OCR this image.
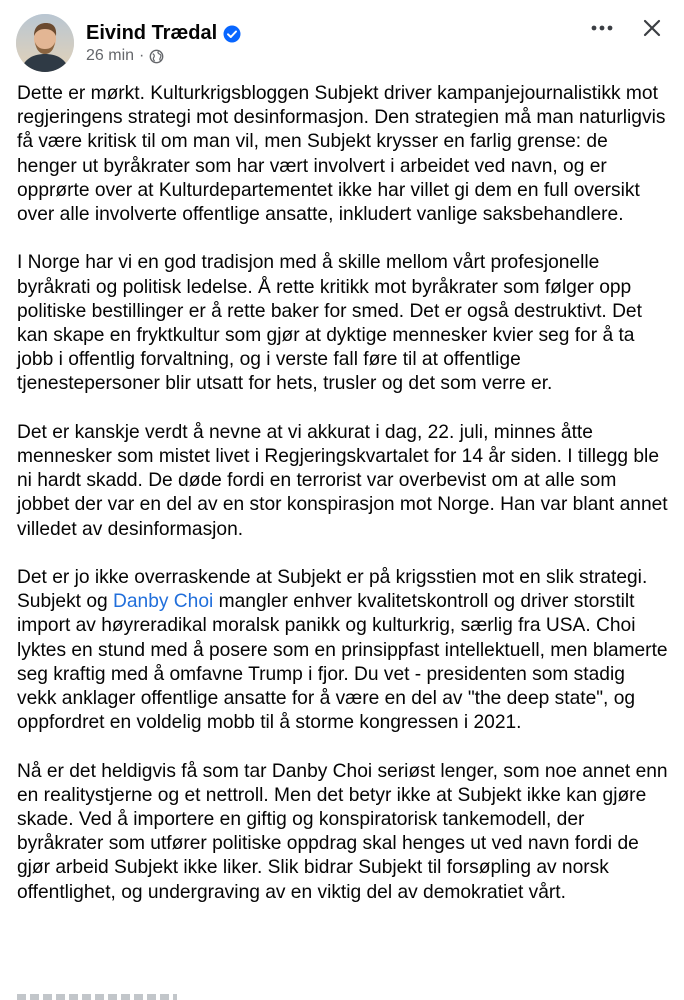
Eivind Trædal
26 min ·

Dette er mørkt. Kulturkrigsbloggen Subjekt driver kampanjejournalistikk mot regjeringens strategi mot desinformasjon. Den strategien må man naturligvis få være kritisk til om man vil, men Subjekt krysser en farlig grense: de henger ut byråkrater som har vært involvert i arbeidet ved navn, og er opprørte over at Kulturdepartementet ikke har villet gi dem en full oversikt over alle involverte offentlige ansatte, inkludert vanlige saksbehandlere.

I Norge har vi en god tradisjon med å skille mellom vårt profesjonelle byråkrati og politisk ledelse. Å rette kritikk mot byråkrater som følger opp politiske bestillinger er å rette baker for smed. Det er også destruktivt. Det kan skape en fryktkultur som gjør at dyktige mennesker kvier seg for å ta jobb i offentlig forvaltning, og i verste fall føre til at offentlige tjenestepersoner blir utsatt for hets, trusler og det som verre er.

Det er kanskje verdt å nevne at vi akkurat i dag, 22. juli, minnes åtte mennesker som mistet livet i Regjeringskvartalet for 14 år siden. I tillegg ble ni hardt skadd. De døde fordi en terrorist var overbevist om at alle som jobbet der var en del av en stor konspirasjon mot Norge. Han var blant annet villedet av desinformasjon.

Det er jo ikke overraskende at Subjekt er på krigsstien mot en slik strategi. Subjekt og Danby Choi mangler enhver kvalitetskontroll og driver storstilt import av høyreradikal moralsk panikk og kulturkrig, særlig fra USA. Choi lyktes en stund med å posere som en prinsippfast intellektuell, men blamerte seg kraftig med å omfavne Trump i fjor. Du vet - presidenten som stadig vekk anklager offentlige ansatte for å være en del av "the deep state", og oppfordret en voldelig mobb til å storme kongressen i 2021.

Nå er det heldigvis få som tar Danby Choi seriøst lenger, som noe annet enn en realitystjerne og et nettroll. Men det betyr ikke at Subjekt ikke kan gjøre skade. Ved å importere en giftig og konspiratorisk tankemodell, der byråkrater som utfører politiske oppdrag skal henges ut ved navn fordi de gjør arbeid Subjekt ikke liker. Slik bidrar Subjekt til forsøpling av norsk offentlighet, og undergraving av en viktig del av demokratiet vårt.
